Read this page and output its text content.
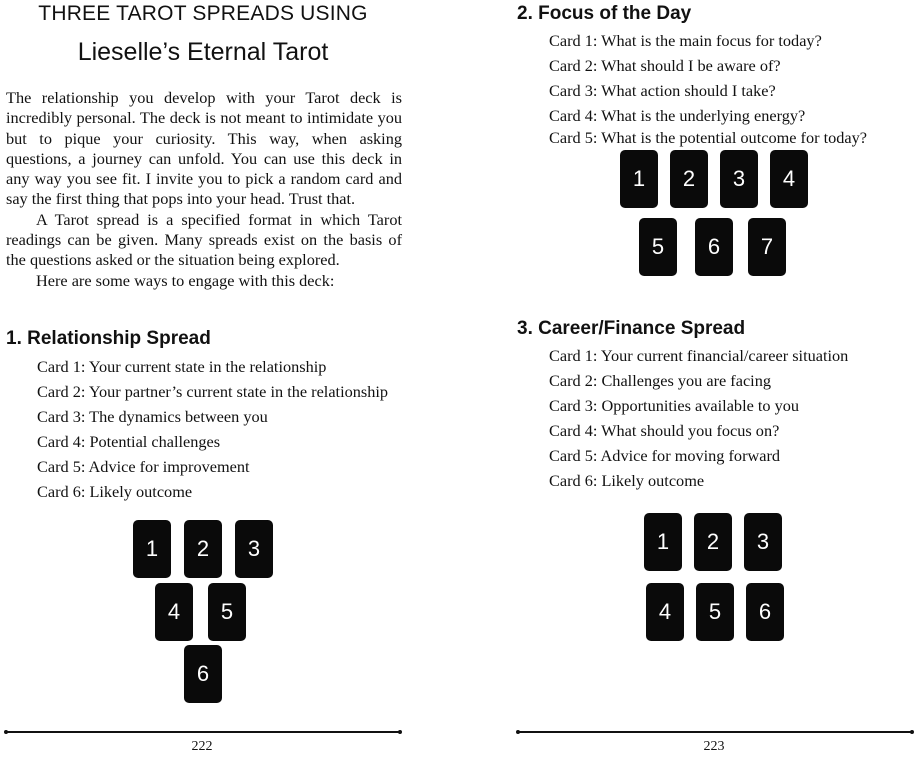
THREE TAROT SPREADS USING
Lieselle’s Eternal Tarot

The relationship you develop with your Tarot deck is incredibly personal. The deck is not meant to intimidate you but to pique your curiosity. This way, when asking questions, a journey can unfold. You can use this deck in any way you see fit. I invite you to pick a random card and say the first thing that pops into your head. Trust that.

A Tarot spread is a specified format in which Tarot readings can be given. Many spreads exist on the basis of the questions asked or the situation being explored.

Here are some ways to engage with this deck:

1. Relationship Spread
Card 1: Your current state in the relationship
Card 2: Your partner’s current state in the relationship
Card 3: The dynamics between you
Card 4: Potential challenges
Card 5: Advice for improvement
Card 6: Likely outcome
1	2	3
4	5
6
222
2. Focus of the Day
Card 1: What is the main focus for today?
Card 2: What should I be aware of?
Card 3: What action should I take?
Card 4: What is the underlying energy?
Card 5: What is the potential outcome for today?
1	2	3	4
5	6	7
3. Career/Finance Spread
Card 1: Your current financial/career situation
Card 2: Challenges you are facing
Card 3: Opportunities available to you
Card 4: What should you focus on?
Card 5: Advice for moving forward
Card 6: Likely outcome
1	2	3
4	5	6
223
